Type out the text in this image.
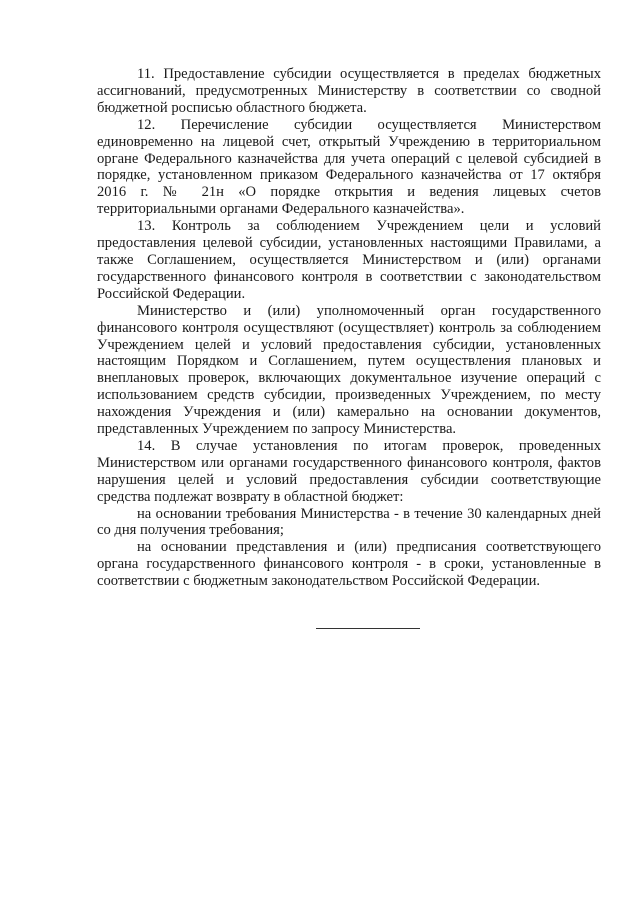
11. Предоставление субсидии осуществляется в пределах бюджетных ассигнований, предусмотренных Министерству в соответствии со сводной бюджетной росписью областного бюджета.

12. Перечисление субсидии осуществляется Министерством единовременно на лицевой счет, открытый Учреждению в территориальном органе Федерального казначейства для учета операций с целевой субсидией в порядке, установленном приказом Федерального казначейства от 17 октября 2016 г. № 21н «О порядке открытия и ведения лицевых счетов территориальными органами Федерального казначейства».

13. Контроль за соблюдением Учреждением цели и условий предоставления целевой субсидии, установленных настоящими Правилами, а также Соглашением, осуществляется Министерством и (или) органами государственного финансового контроля в соответствии с законодательством Российской Федерации.

Министерство и (или) уполномоченный орган государственного финансового контроля осуществляют (осуществляет) контроль за соблюдением Учреждением целей и условий предоставления субсидии, установленных настоящим Порядком и Соглашением, путем осуществления плановых и внеплановых проверок, включающих документальное изучение операций с использованием средств субсидии, произведенных Учреждением, по месту нахождения Учреждения и (или) камерально на основании документов, представленных Учреждением по запросу Министерства.

14. В случае установления по итогам проверок, проведенных Министерством или органами государственного финансового контроля, фактов нарушения целей и условий предоставления субсидии соответствующие средства подлежат возврату в областной бюджет:

на основании требования Министерства - в течение 30 календарных дней со дня получения требования;

на основании представления и (или) предписания соответствующего органа государственного финансового контроля - в сроки, установленные в соответствии с бюджетным законодательством Российской Федерации.
